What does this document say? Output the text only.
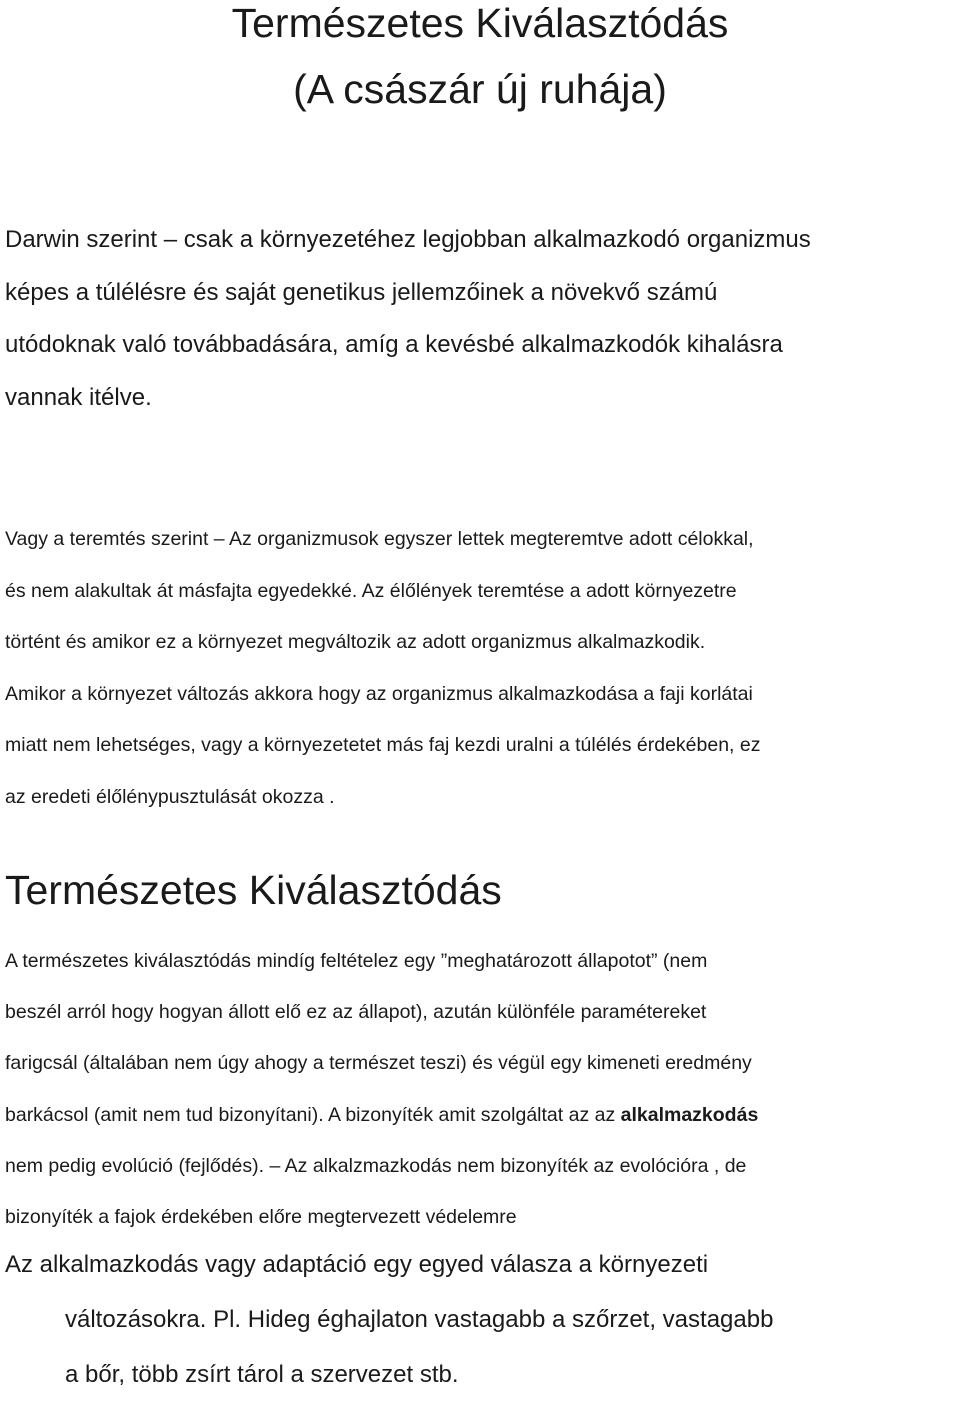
Természetes Kiválasztódás
(A császár új ruhája)

Darwin szerint – csak a környezetéhez legjobban alkalmazkodó organizmus
képes a túlélésre és saját genetikus jellemzőinek a növekvő számú
utódoknak való továbbadására, amíg a kevésbé alkalmazkodók kihalásra
vannak itélve.

Vagy a teremtés szerint – Az organizmusok egyszer lettek megteremtve adott célokkal,
és nem alakultak át másfajta egyedekké. Az élőlények teremtése a adott környezetre
történt és amikor ez a környezet megváltozik az adott organizmus alkalmazkodik.
Amikor a környezet változás akkora hogy az organizmus alkalmazkodása a faji korlátai
miatt nem lehetséges, vagy a környezetetet más faj kezdi uralni a túlélés érdekében, ez
az eredeti élőlénypusztulását okozza .

Természetes Kiválasztódás

A természetes kiválasztódás mindíg feltételez egy ”meghatározott állapotot” (nem
beszél arról hogy hogyan állott elő ez az állapot), azután különféle paramétereket
farigcsál (általában nem úgy ahogy a természet teszi) és végül egy kimeneti eredmény
barkácsol (amit nem tud bizonyítani). A bizonyíték amit szolgáltat az az alkalmazkodás
nem pedig evolúció (fejlődés). – Az alkalzmazkodás nem bizonyíték az evolócióra , de
bizonyíték a fajok érdekében előre megtervezett védelemre

Az alkalmazkodás vagy adaptáció egy egyed válasza a környezeti
változásokra. Pl. Hideg éghajlaton vastagabb a szőrzet, vastagabb
a bőr, több zsírt tárol a szervezet stb.
